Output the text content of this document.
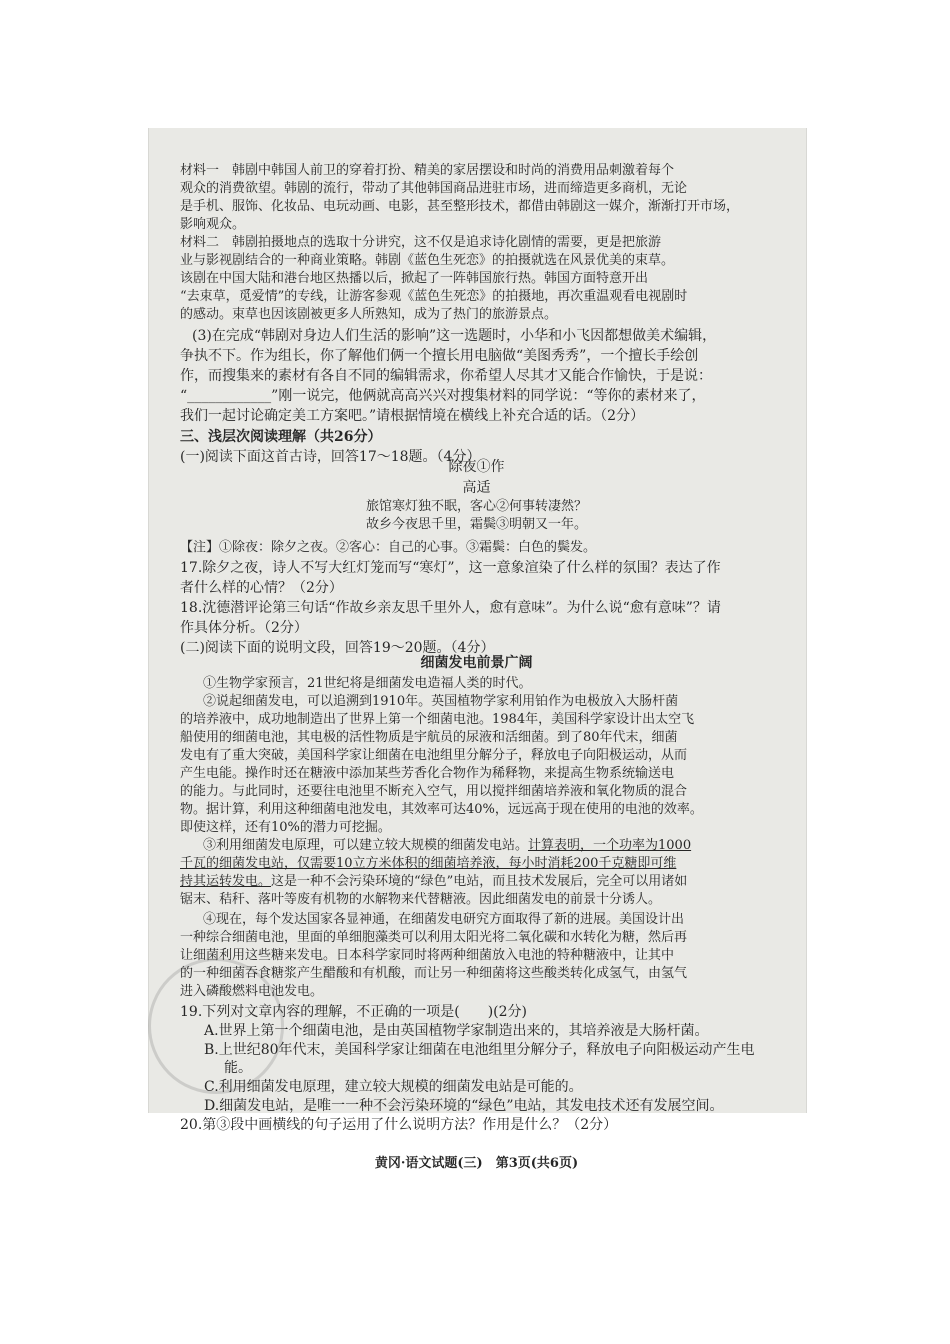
材料一　韩剧中韩国人前卫的穿着打扮、精美的家居摆设和时尚的消费用品刺激着每个
观众的消费欲望。韩剧的流行，带动了其他韩国商品进驻市场，进而缔造更多商机，无论
是手机、服饰、化妆品、电玩动画、电影，甚至整形技术，都借由韩剧这一媒介，渐渐打开市场，
影响观众。
材料二　韩剧拍摄地点的选取十分讲究，这不仅是追求诗化剧情的需要，更是把旅游
业与影视剧结合的一种商业策略。韩剧《蓝色生死恋》的拍摄就选在风景优美的束草。
该剧在中国大陆和港台地区热播以后，掀起了一阵韩国旅行热。韩国方面特意开出
“去束草，觅爱情”的专线，让游客参观《蓝色生死恋》的拍摄地，再次重温观看电视剧时
的感动。束草也因该剧被更多人所熟知，成为了热门的旅游景点。
(3)在完成“韩剧对身边人们生活的影响”这一选题时，小华和小飞因都想做美术编辑，
争执不下。作为组长，你了解他们俩一个擅长用电脑做“美图秀秀”，一个擅长手绘创
作，而搜集来的素材有各自不同的编辑需求，你希望人尽其才又能合作愉快，于是说：
“____________”刚一说完，他俩就高高兴兴对搜集材料的同学说：“等你的素材来了，
我们一起讨论确定美工方案吧。”请根据情境在横线上补充合适的话。（2分）
三、浅层次阅读理解（共26分）
(一)阅读下面这首古诗，回答17～18题。（4分）
除夜①作
高适
旅馆寒灯独不眠，客心②何事转凄然？
故乡今夜思千里，霜鬓③明朝又一年。
【注】①除夜：除夕之夜。②客心：自己的心事。③霜鬓：白色的鬓发。
17.除夕之夜，诗人不写大红灯笼而写“寒灯”，这一意象渲染了什么样的氛围？表达了作
者什么样的心情？（2分）
18.沈德潜评论第三句话“作故乡亲友思千里外人，愈有意味”。为什么说“愈有意味”？请
作具体分析。（2分）
(二)阅读下面的说明文段，回答19～20题。（4分）
细菌发电前景广阔
①生物学家预言，21世纪将是细菌发电造福人类的时代。
②说起细菌发电，可以追溯到1910年。英国植物学家利用铂作为电极放入大肠杆菌
的培养液中，成功地制造出了世界上第一个细菌电池。1984年，美国科学家设计出太空飞
船使用的细菌电池，其电极的活性物质是宇航员的尿液和活细菌。到了80年代末，细菌
发电有了重大突破，美国科学家让细菌在电池组里分解分子，释放电子向阳极运动，从而
产生电能。操作时还在糖液中添加某些芳香化合物作为稀释物，来提高生物系统输送电
的能力。与此同时，还要往电池里不断充入空气，用以搅拌细菌培养液和氧化物质的混合
物。据计算，利用这种细菌电池发电，其效率可达40%，远远高于现在使用的电池的效率。
即使这样，还有10%的潜力可挖掘。
③利用细菌发电原理，可以建立较大规模的细菌发电站。计算表明，一个功率为1000
千瓦的细菌发电站，仅需要10立方米体积的细菌培养液，每小时消耗200千克糖即可维
持其运转发电。这是一种不会污染环境的“绿色”电站，而且技术发展后，完全可以用诸如
锯末、秸秆、落叶等废有机物的水解物来代替糖液。因此细菌发电的前景十分诱人。
④现在，每个发达国家各显神通，在细菌发电研究方面取得了新的进展。美国设计出
一种综合细菌电池，里面的单细胞藻类可以利用太阳光将二氧化碳和水转化为糖，然后再
让细菌利用这些糖来发电。日本科学家同时将两种细菌放入电池的特种糖液中，让其中
的一种细菌吞食糖浆产生醋酸和有机酸，而让另一种细菌将这些酸类转化成氢气，由氢气
进入磷酸燃料电池发电。
19.下列对文章内容的理解，不正确的一项是(　　)(2分)
A.世界上第一个细菌电池，是由英国植物学家制造出来的，其培养液是大肠杆菌。
B.上世纪80年代末，美国科学家让细菌在电池组里分解分子，释放电子向阳极运动产生电
能。
C.利用细菌发电原理，建立较大规模的细菌发电站是可能的。
D.细菌发电站，是唯一一种不会污染环境的“绿色”电站，其发电技术还有发展空间。
20.第③段中画横线的句子运用了什么说明方法？作用是什么？（2分）
黄冈·语文试题(三)　第3页(共6页)
